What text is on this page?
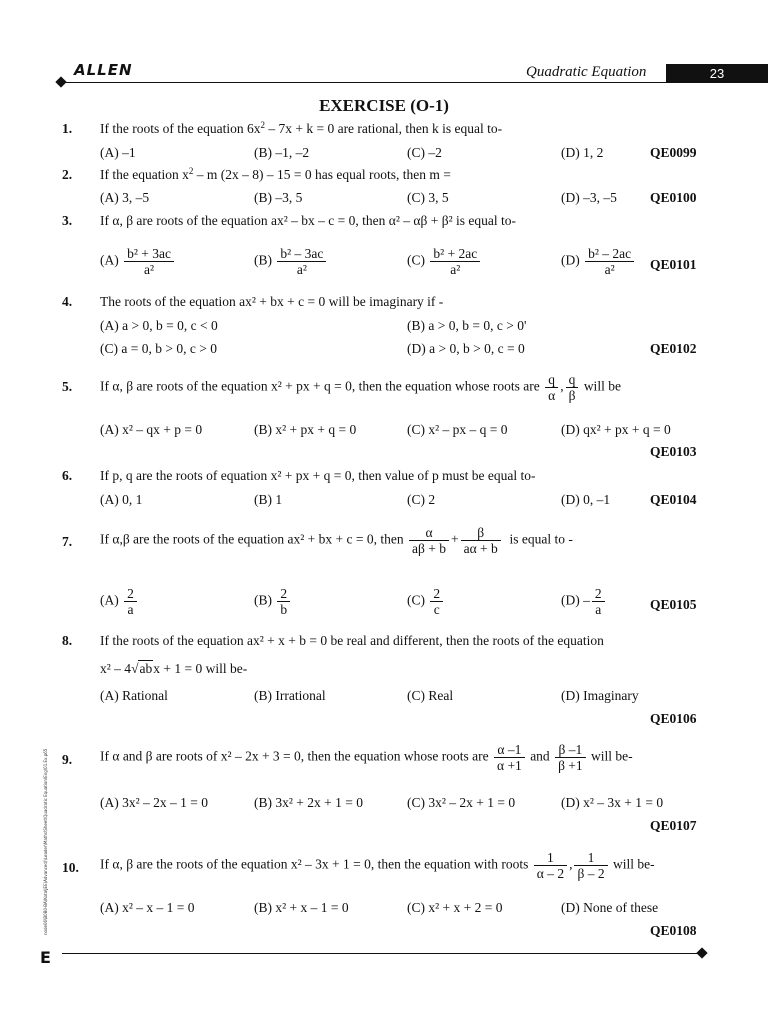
ALLEN	Quadratic Equation	23
EXERCISE (O-1)
1. If the roots of the equation $6x^2 - 7x + k = 0$ are rational, then k is equal to-
(A) –1	(B) –1, –2	(C) –2	(D) 1, 2	QE0099
2. If the equation $x^2$ – m (2x – 8) – 15 = 0 has equal roots, then m =
(A) 3, –5	(B) –3, 5	(C) 3, 5	(D) –3, –5 QE0100
3. If α, β are roots of the equation ax² – bx – c = 0, then α² – αβ + β² is equal to-
$(A) \frac{\text{b² + 3ac}}{\text{a²}}$	$(B) \frac{\text{b² – 3ac}}{\text{a²}}$	$(C) \frac{\text{b² + 2ac}}{\text{a²}}$	$(D) \frac{\text{b² – 2ac}}{\text{a²}} QE0101$
4. The roots of the equation ax² + bx + c = 0 will be imaginary if -
(A) a > 0, b = 0, c < 0	(B) a > 0, b = 0, c > 0'
(C) a = 0, b > 0, c > 0	(D) a > 0, b > 0, c = 0	QE0102
5. If α, β are roots of the equation x² + px + q = 0, then the equation whose roots are $\frac{q}{\alpha}$ , $\frac{q}{\beta}$ will be
(A) x² – qx + p = 0	(B) x² + px + q = 0	(C) x² – px – q = 0	(D) qx² + px + q = 0
QE0103
6. If p, q are the roots of equation x² + px + q = 0, then value of p must be equal to-
(A) 0, 1	(B) 1	(C) 2	(D) 0, –1	QE0104
7. If α,β are the roots of the equation ax² + bx + c = 0, then $\frac{\alpha}{a\beta + b} + \frac{\beta}{a\alpha + b}$ is equal to -
$(A) \frac{2}{a}$	$(B) \frac{2}{b}$	$(C) \frac{2}{c}$	$(D) - \frac{2}{a}$	QE0105
8. If the roots of the equation ax² + x + b = 0 be real and different, then the roots of the equation
x² – 4√abx + 1 = 0 will be-
(A) Rational	(B) Irrational	(C) Real	(D) Imaginary
QE0106
9. If α and β are roots of x² – 2x + 3 = 0, then the equation whose roots are $\frac{\alpha -1}{\alpha +1}$ and $\frac{\beta -1}{\beta +1}$ will be-
(A) 3x² – 2x – 1 = 0	(B) 3x² + 2x + 1 = 0	(C) 3x² – 2x + 1 = 0	(D) x² – 3x + 1 = 0
QE0107
10. If α, β are the roots of the equation x² – 3x + 1 = 0, then the equation with roots $\frac{1}{\alpha - 2}$ , $\frac{1}{\beta - 2}$ will be-
(A) x² – x – 1 = 0	(B) x² + x – 1 = 0	(C) x² + x + 2 = 0	(D) None of these
QE0108
node06\B0B0-BA\Kota\JEE(Advanced)\Leader\Maths\Sheet\Quadratic Equation\Eng\01.Ex.p65
E
